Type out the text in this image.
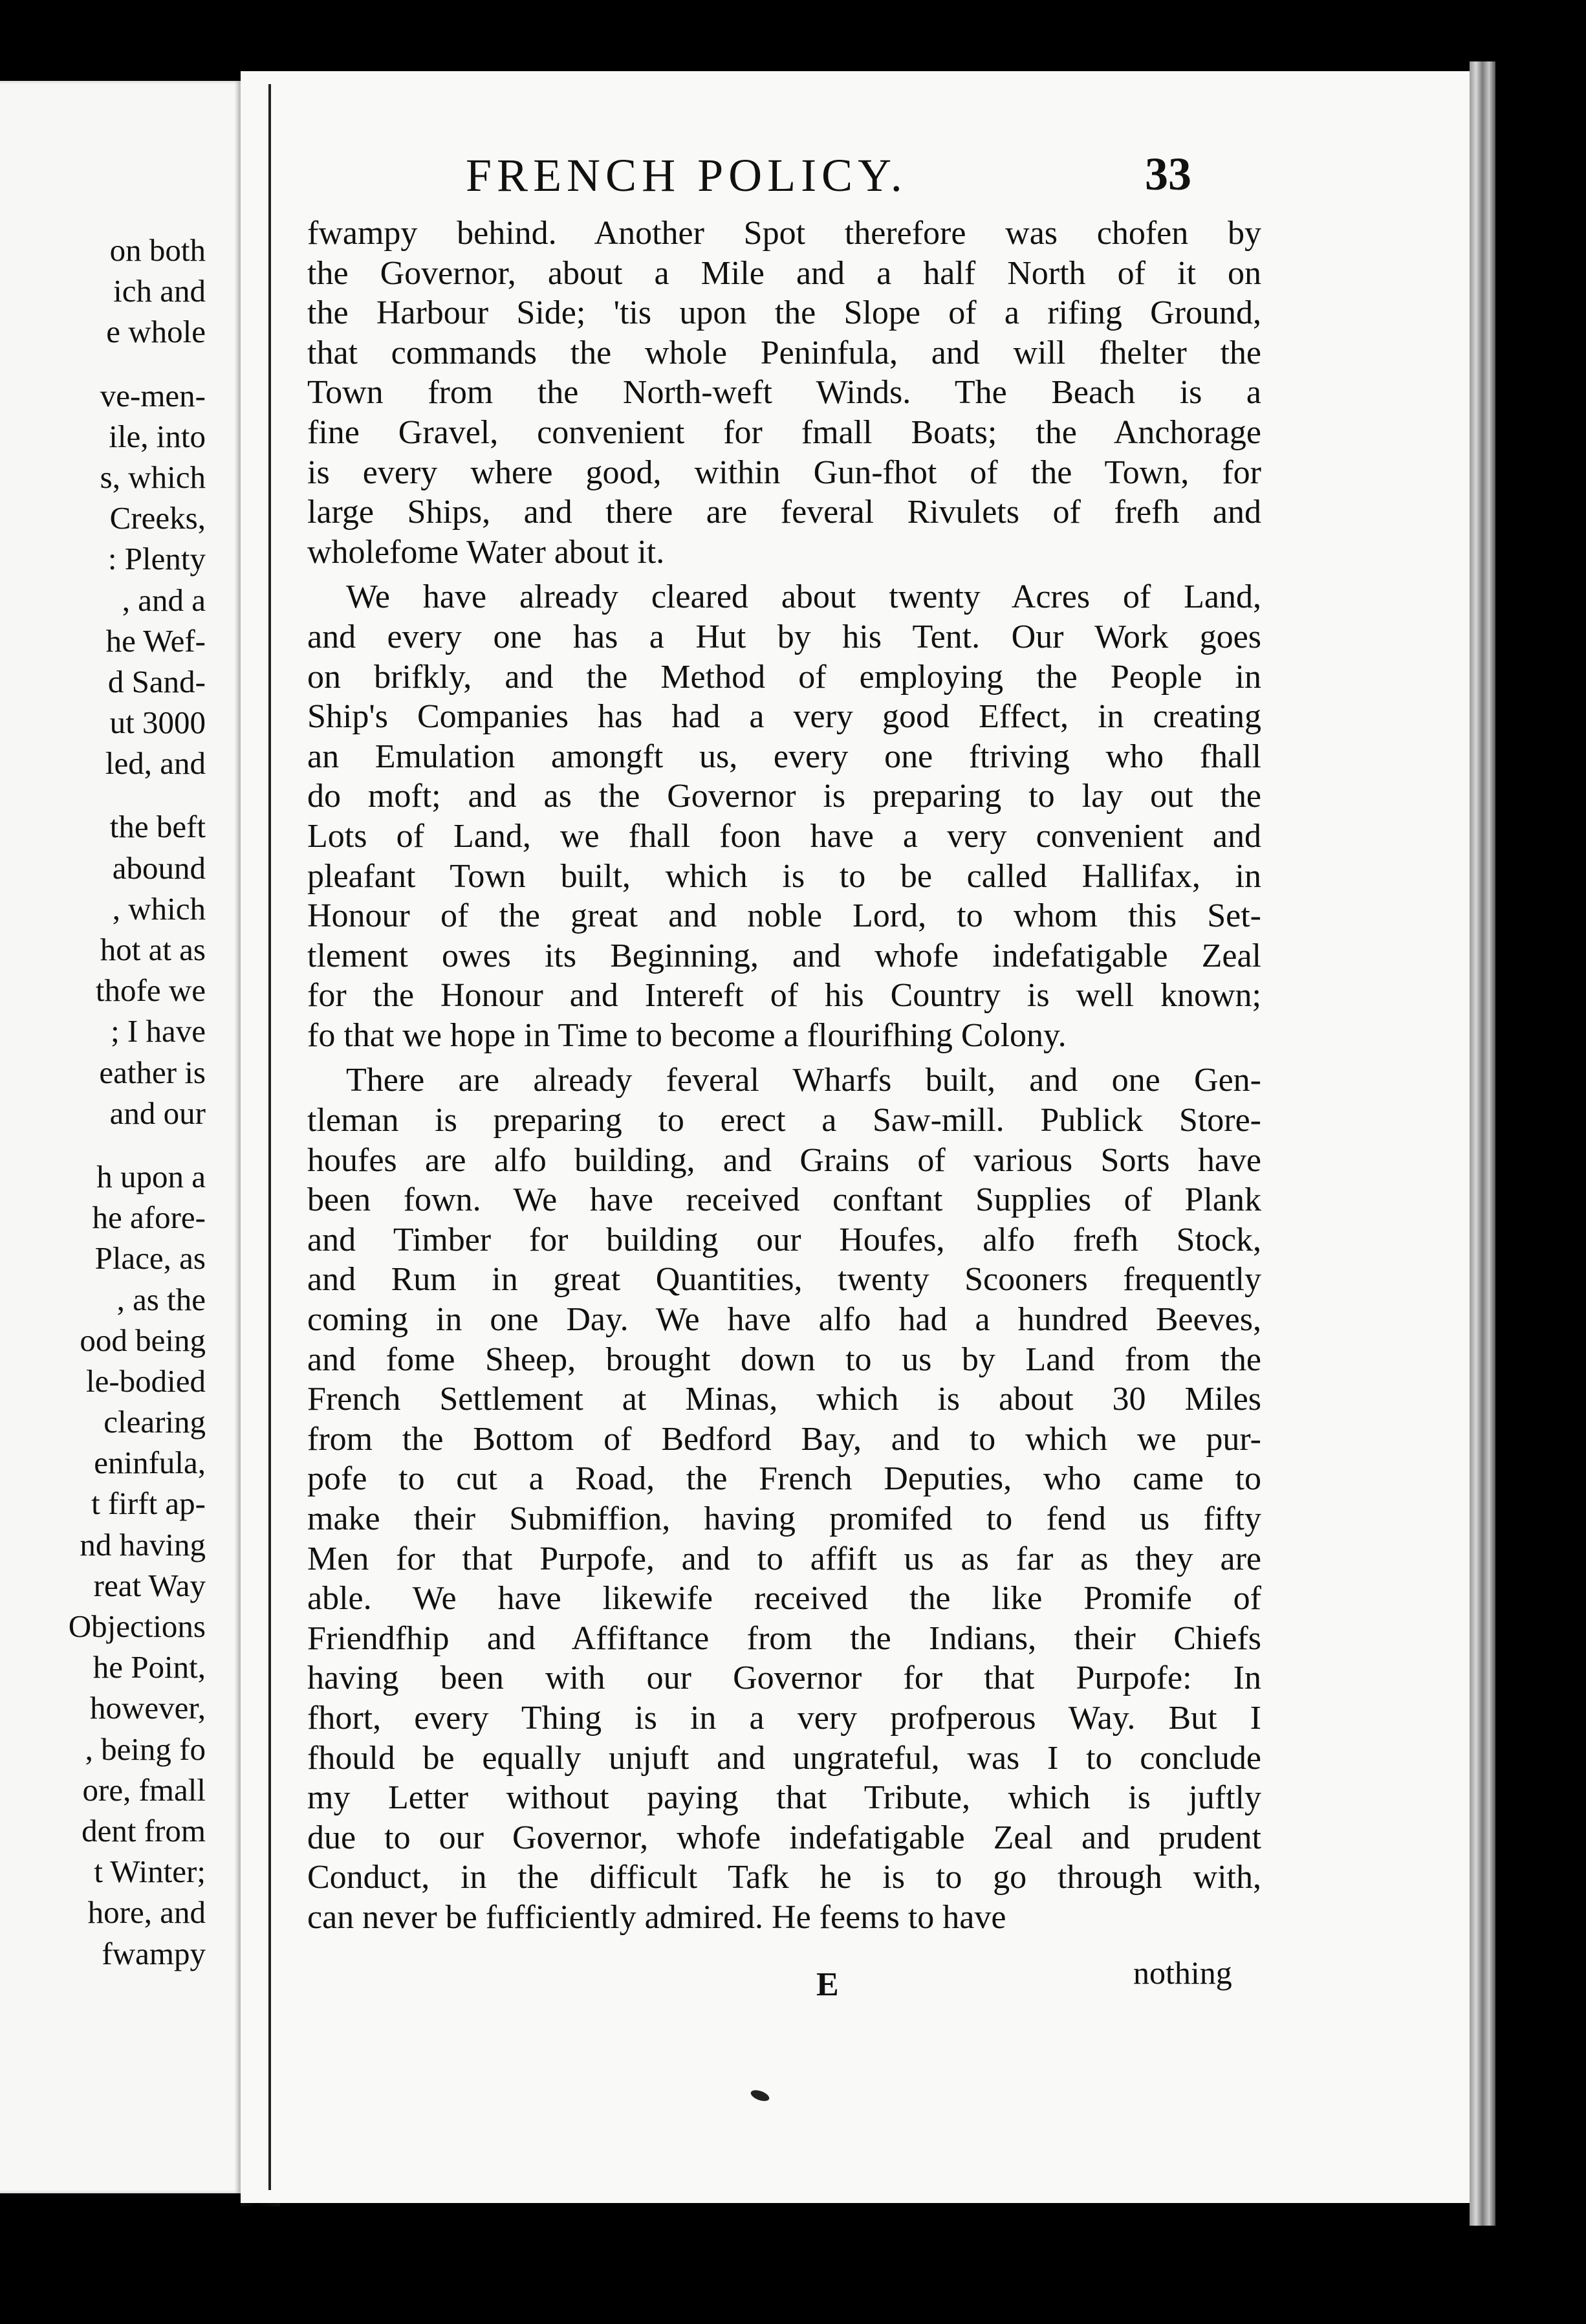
on both
ich and
e whole
ve-men-
ile, into
s, which
Creeks,
: Plenty
, and a
he Wef-
d Sand-
ut 3000
led, and
the beft
abound
, which
hot at as
thofe we
; I have
eather is
and our
h upon a
he afore-
Place, as
, as the
ood being
le-bodied
clearing
eninfula,
t firft ap-
nd having
reat Way
Objections
he Point,
however,
, being fo
ore, fmall
dent from
t Winter;
hore, and
fwampy
FRENCH POLICY.	33
fwampy behind. Another Spot therefore was chofen by
the Governor, about a Mile and a half North of it on
the Harbour Side; 'tis upon the Slope of a rifing Ground,
that commands the whole Peninfula, and will fhelter the
Town from the North-weft Winds. The Beach is a
fine Gravel, convenient for fmall Boats; the Anchorage
is every where good, within Gun-fhot of the Town, for
large Ships, and there are feveral Rivulets of frefh and
wholefome Water about it.
We have already cleared about twenty Acres of Land,
and every one has a Hut by his Tent. Our Work goes
on brifkly, and the Method of employing the People in
Ship's Companies has had a very good Effect, in creating
an Emulation amongft us, every one ftriving who fhall
do moft; and as the Governor is preparing to lay out the
Lots of Land, we fhall foon have a very convenient and
pleafant Town built, which is to be called Hallifax, in
Honour of the great and noble Lord, to whom this Set-
tlement owes its Beginning, and whofe indefatigable Zeal
for the Honour and Intereft of his Country is well known;
fo that we hope in Time to become a flourifhing Colony.
There are already feveral Wharfs built, and one Gen-
tleman is preparing to erect a Saw-mill. Publick Store-
houfes are alfo building, and Grains of various Sorts have
been fown. We have received conftant Supplies of Plank
and Timber for building our Houfes, alfo frefh Stock,
and Rum in great Quantities, twenty Scooners frequently
coming in one Day. We have alfo had a hundred Beeves,
and fome Sheep, brought down to us by Land from the
French Settlement at Minas, which is about 30 Miles
from the Bottom of Bedford Bay, and to which we pur-
pofe to cut a Road, the French Deputies, who came to
make their Submiffion, having promifed to fend us fifty
Men for that Purpofe, and to affift us as far as they are
able. We have likewife received the like Promife of
Friendfhip and Affiftance from the Indians, their Chiefs
having been with our Governor for that Purpofe: In
fhort, every Thing is in a very profperous Way. But I
fhould be equally unjuft and ungrateful, was I to conclude
my Letter without paying that Tribute, which is juftly
due to our Governor, whofe indefatigable Zeal and prudent
Conduct, in the difficult Tafk he is to go through with,
can never be fufficiently admired. He feems to have
E	nothing
